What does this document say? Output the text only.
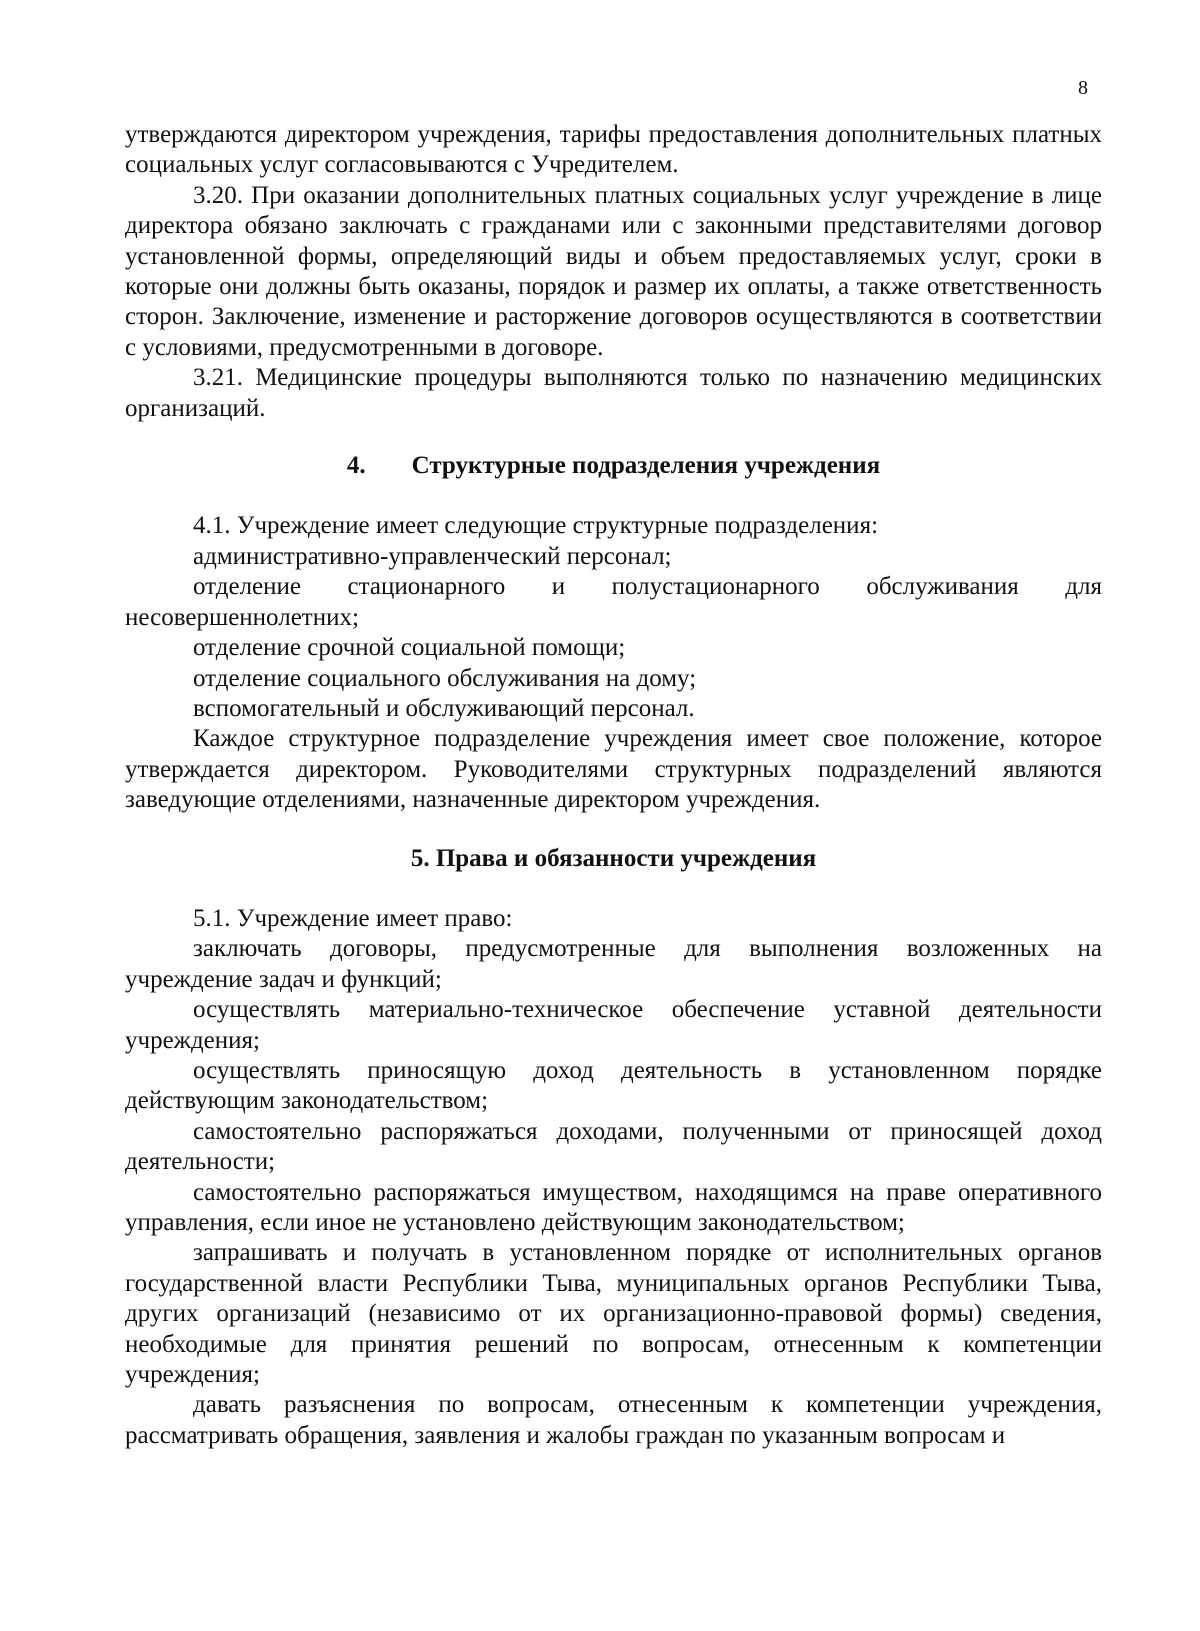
8

утверждаются директором учреждения, тарифы предоставления дополнительных платных социальных услуг согласовываются с Учредителем.

3.20. При оказании дополнительных платных социальных услуг учреждение в лице директора обязано заключать с гражданами или с законными представителями договор установленной формы, определяющий виды и объем предоставляемых услуг, сроки в которые они должны быть оказаны, порядок и размер их оплаты, а также ответственность сторон. Заключение, изменение и расторжение договоров осуществляются в соответствии с условиями, предусмотренными в договоре.

3.21. Медицинские процедуры выполняются только по назначению медицинских организаций.

4. Структурные подразделения учреждения

4.1. Учреждение имеет следующие структурные подразделения:

административно-управленческий персонал;

отделение стационарного и полустационарного обслуживания для несовершеннолетних;

отделение срочной социальной помощи;

отделение социального обслуживания на дому;

вспомогательный и обслуживающий персонал.

Каждое структурное подразделение учреждения имеет свое положение, которое утверждается директором. Руководителями структурных подразделений являются заведующие отделениями, назначенные директором учреждения.

5. Права и обязанности учреждения

5.1. Учреждение имеет право:

заключать договоры, предусмотренные для выполнения возложенных на учреждение задач и функций;

осуществлять материально-техническое обеспечение уставной деятельности учреждения;

осуществлять приносящую доход деятельность в установленном порядке действующим законодательством;

самостоятельно распоряжаться доходами, полученными от приносящей доход деятельности;

самостоятельно распоряжаться имуществом, находящимся на праве оперативного управления, если иное не установлено действующим законодательством;

запрашивать и получать в установленном порядке от исполнительных органов государственной власти Республики Тыва, муниципальных органов Республики Тыва, других организаций (независимо от их организационно-правовой формы) сведения, необходимые для принятия решений по вопросам, отнесенным к компетенции учреждения;

давать разъяснения по вопросам, отнесенным к компетенции учреждения, рассматривать обращения, заявления и жалобы граждан по указанным вопросам и
